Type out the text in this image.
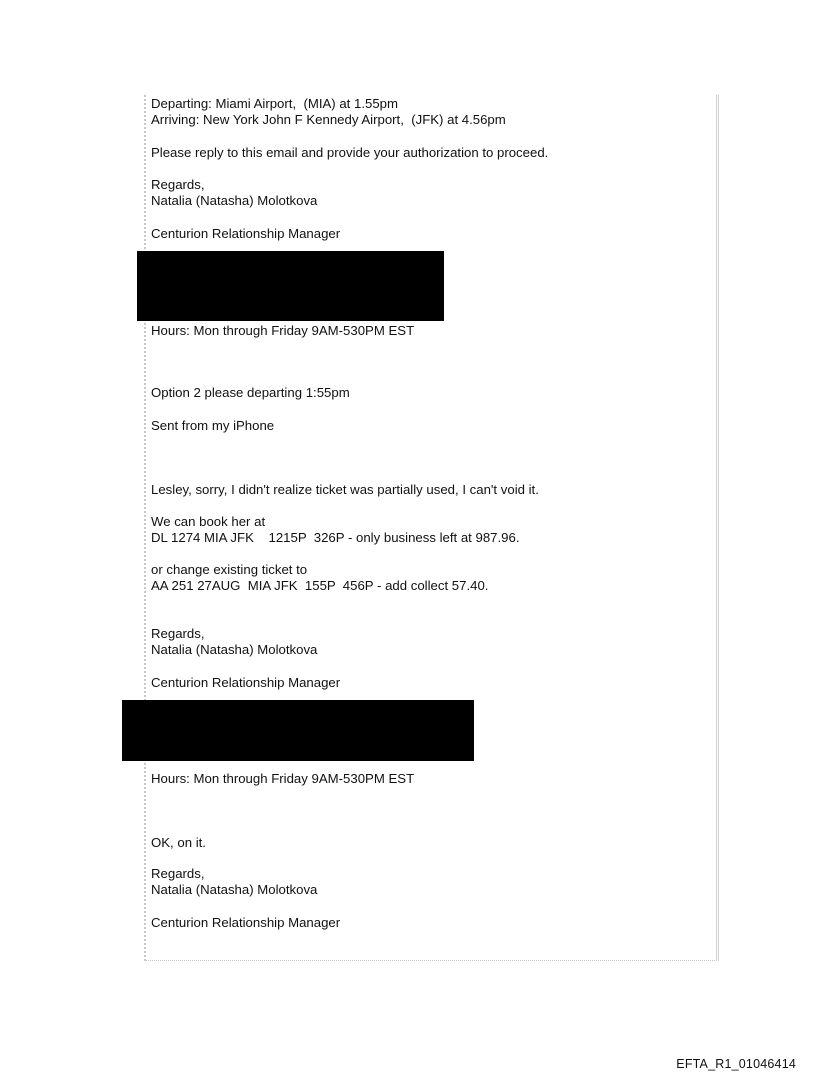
Departing: Miami Airport,  (MIA) at 1.55pm
Arriving: New York John F Kennedy Airport,  (JFK) at 4.56pm
Please reply to this email and provide your authorization to proceed.
Regards,
Natalia (Natasha) Molotkova
Centurion Relationship Manager
Hours: Mon through Friday 9AM-530PM EST
Option 2 please departing 1:55pm
Sent from my iPhone
Lesley, sorry, I didn't realize ticket was partially used, I can't void it.
We can book her at
DL 1274 MIA JFK    1215P  326P - only business left at 987.96.
or change existing ticket to
AA 251 27AUG  MIA JFK  155P  456P - add collect 57.40.
Regards,
Natalia (Natasha) Molotkova
Centurion Relationship Manager
Hours: Mon through Friday 9AM-530PM EST
OK, on it.
Regards,
Natalia (Natasha) Molotkova
Centurion Relationship Manager
EFTA_R1_01046414
